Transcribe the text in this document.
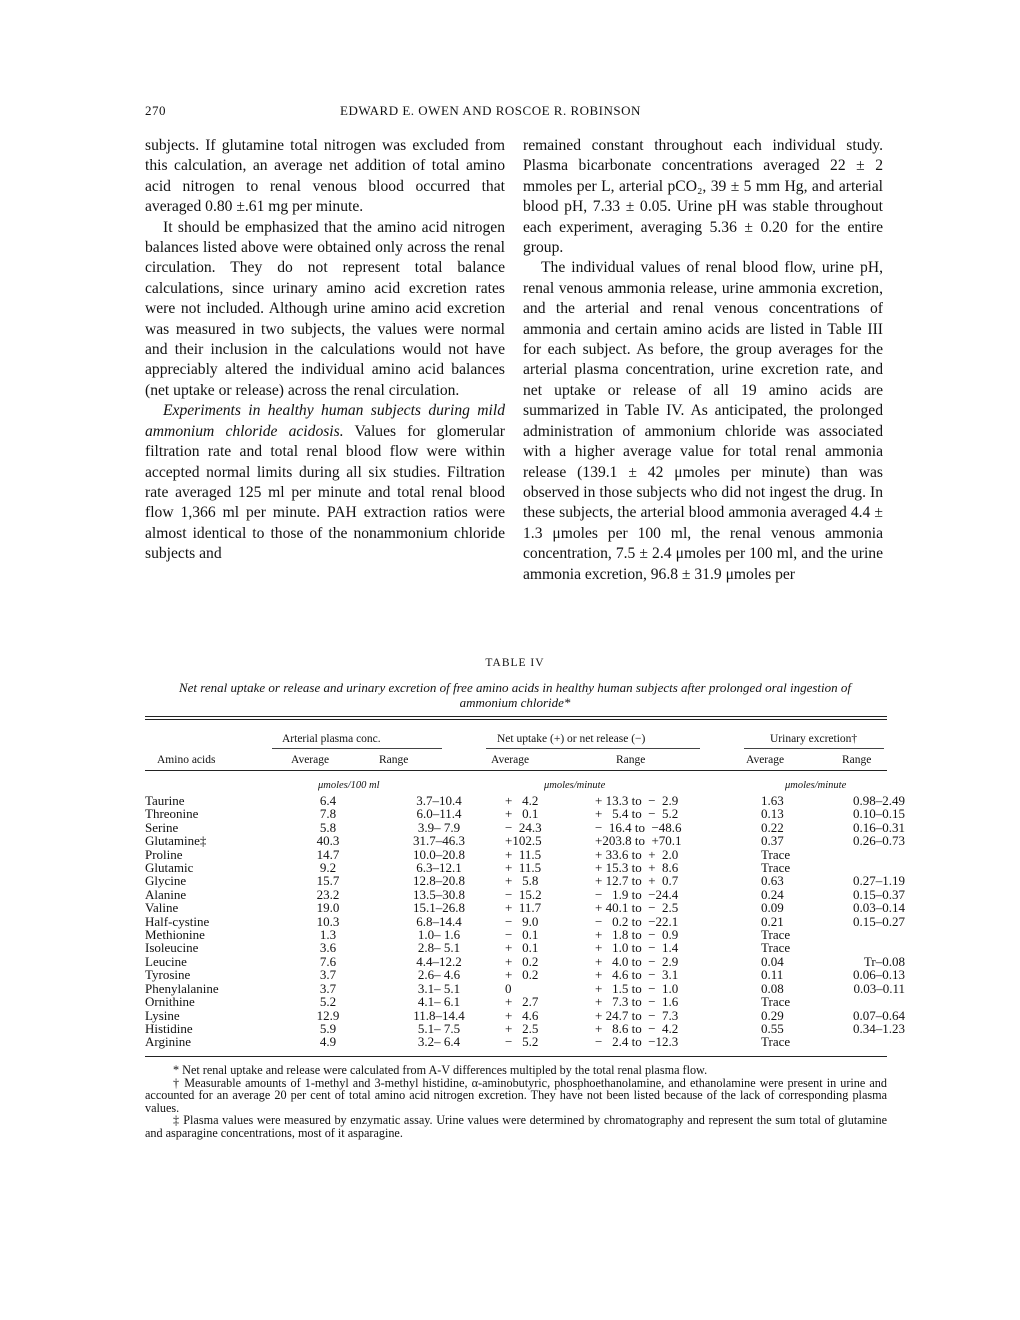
270	EDWARD E. OWEN AND ROSCOE R. ROBINSON

subjects. If glutamine total nitrogen was excluded from this calculation, an average net addition of total amino acid nitrogen to renal venous blood occurred that averaged 0.80 ±.61 mg per minute.

It should be emphasized that the amino acid nitrogen balances listed above were obtained only across the renal circulation. They do not represent total balance calculations, since urinary amino acid excretion rates were not included. Although urine amino acid excretion was measured in two subjects, the values were normal and their inclusion in the calculations would not have appreciably altered the individual amino acid balances (net uptake or release) across the renal circulation.

Experiments in healthy human subjects during mild ammonium chloride acidosis. Values for glomerular filtration rate and total renal blood flow were within accepted normal limits during all six studies. Filtration rate averaged 125 ml per minute and total renal blood flow 1,366 ml per minute. PAH extraction ratios were almost identical to those of the nonammonium chloride subjects and

remained constant throughout each individual study. Plasma bicarbonate concentrations averaged 22 ± 2 mmoles per L, arterial pCO₂, 39 ± 5 mm Hg, and arterial blood pH, 7.33 ± 0.05. Urine pH was stable throughout each experiment, averaging 5.36 ± 0.20 for the entire group.

The individual values of renal blood flow, urine pH, renal venous ammonia release, urine ammonia excretion, and the arterial and renal venous concentrations of ammonia and certain amino acids are listed in Table III for each subject. As before, the group averages for the arterial plasma concentration, urine excretion rate, and net uptake or release of all 19 amino acids are summarized in Table IV. As anticipated, the prolonged administration of ammonium chloride was associated with a higher average value for total renal ammonia release (139.1 ± 42 μmoles per minute) than was observed in those subjects who did not ingest the drug. In these subjects, the arterial blood ammonia averaged 4.4 ± 1.3 μmoles per 100 ml, the renal venous ammonia concentration, 7.5 ± 2.4 μmoles per 100 ml, and the urine ammonia excretion, 96.8 ± 31.9 μmoles per

TABLE IV
Net renal uptake or release and urinary excretion of free amino acids in healthy human subjects after prolonged oral ingestion of ammonium chloride*
Arterial plasma conc.	Net uptake (+) or net release (−)	Urinary excretion†
Amino acids	Average	Range	Average	Range	Average	Range
μmoles/100 ml	μmoles/minute	μmoles/minute
Taurine	6.4	3.7–10.4	+   4.2	+ 13.3 to  −  2.9	1.63	0.98–2.49
Threonine	7.8	6.0–11.4	+   0.1	+   5.4 to  −  5.2	0.13	0.10–0.15
Serine	5.8	3.9– 7.9	−  24.3	−  16.4 to  −48.6	0.22	0.16–0.31
Glutamine‡	40.3	31.7–46.3	+102.5	+203.8 to  +70.1	0.37	0.26–0.73
Proline	14.7	10.0–20.8	+  11.5	+ 33.6 to  +  2.0	Trace	
Glutamic	9.2	6.3–12.1	+  11.5	+ 15.3 to  +  8.6	Trace	
Glycine	15.7	12.8–20.8	+   5.8	+ 12.7 to  +  0.7	0.63	0.27–1.19
Alanine	23.2	13.5–30.8	−  15.2	−   1.9 to  −24.4	0.24	0.15–0.37
Valine	19.0	15.1–26.8	+  11.7	+ 40.1 to  −  2.5	0.09	0.03–0.14
Half-cystine	10.3	6.8–14.4	−   9.0	−   0.2 to  −22.1	0.21	0.15–0.27
Methionine	1.3	1.0– 1.6	−   0.1	+   1.8 to  −  0.9	Trace	
Isoleucine	3.6	2.8– 5.1	+   0.1	+   1.0 to  −  1.4	Trace	
Leucine	7.6	4.4–12.2	+   0.2	+   4.0 to  −  2.9	0.04	Tr–0.08
Tyrosine	3.7	2.6– 4.6	+   0.2	+   4.6 to  −  3.1	0.11	0.06–0.13
Phenylalanine	3.7	3.1– 5.1	0	+   1.5 to  −  1.0	0.08	0.03–0.11
Ornithine	5.2	4.1– 6.1	+   2.7	+   7.3 to  −  1.6	Trace	
Lysine	12.9	11.8–14.4	+   4.6	+ 24.7 to  −  7.3	0.29	0.07–0.64
Histidine	5.9	5.1– 7.5	+   2.5	+   8.6 to  −  4.2	0.55	0.34–1.23
Arginine	4.9	3.2– 6.4	−   5.2	−   2.4 to  −12.3	Trace	

* Net renal uptake and release were calculated from A-V differences multipled by the total renal plasma flow.

† Measurable amounts of 1-methyl and 3-methyl histidine, α-aminobutyric, phosphoethanolamine, and ethanolamine were present in urine and accounted for an average 20 per cent of total amino acid nitrogen excretion. They have not been listed because of the lack of corresponding plasma values.

‡ Plasma values were measured by enzymatic assay. Urine values were determined by chromatography and represent the sum total of glutamine and asparagine concentrations, most of it asparagine.
